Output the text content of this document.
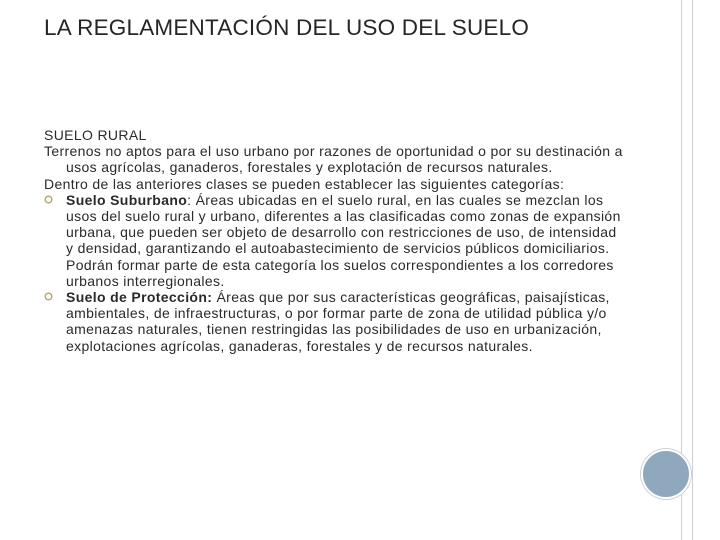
LA REGLAMENTACIÓN DEL USO DEL SUELO

SUELO RURAL

Terrenos no aptos para el uso urbano por razones de oportunidad o por su destinación a usos agrícolas, ganaderos, forestales y explotación de recursos naturales.

Dentro de las anteriores clases se pueden establecer las siguientes categorías:

Suelo Suburbano: Áreas ubicadas en el suelo rural, en las cuales se mezclan los usos del suelo rural y urbano, diferentes a las clasificadas como zonas de expansión urbana, que pueden ser objeto de desarrollo con restricciones de uso, de intensidad y densidad, garantizando el autoabastecimiento de servicios públicos domiciliarios. Podrán formar parte de esta categoría los suelos correspondientes a los corredores urbanos interregionales.
Suelo de Protección: Áreas que por sus características geográficas, paisajísticas, ambientales, de infraestructuras, o por formar parte de zona de utilidad pública y/o amenazas naturales, tienen restringidas las posibilidades de uso en urbanización, explotaciones agrícolas, ganaderas, forestales y de recursos naturales.
